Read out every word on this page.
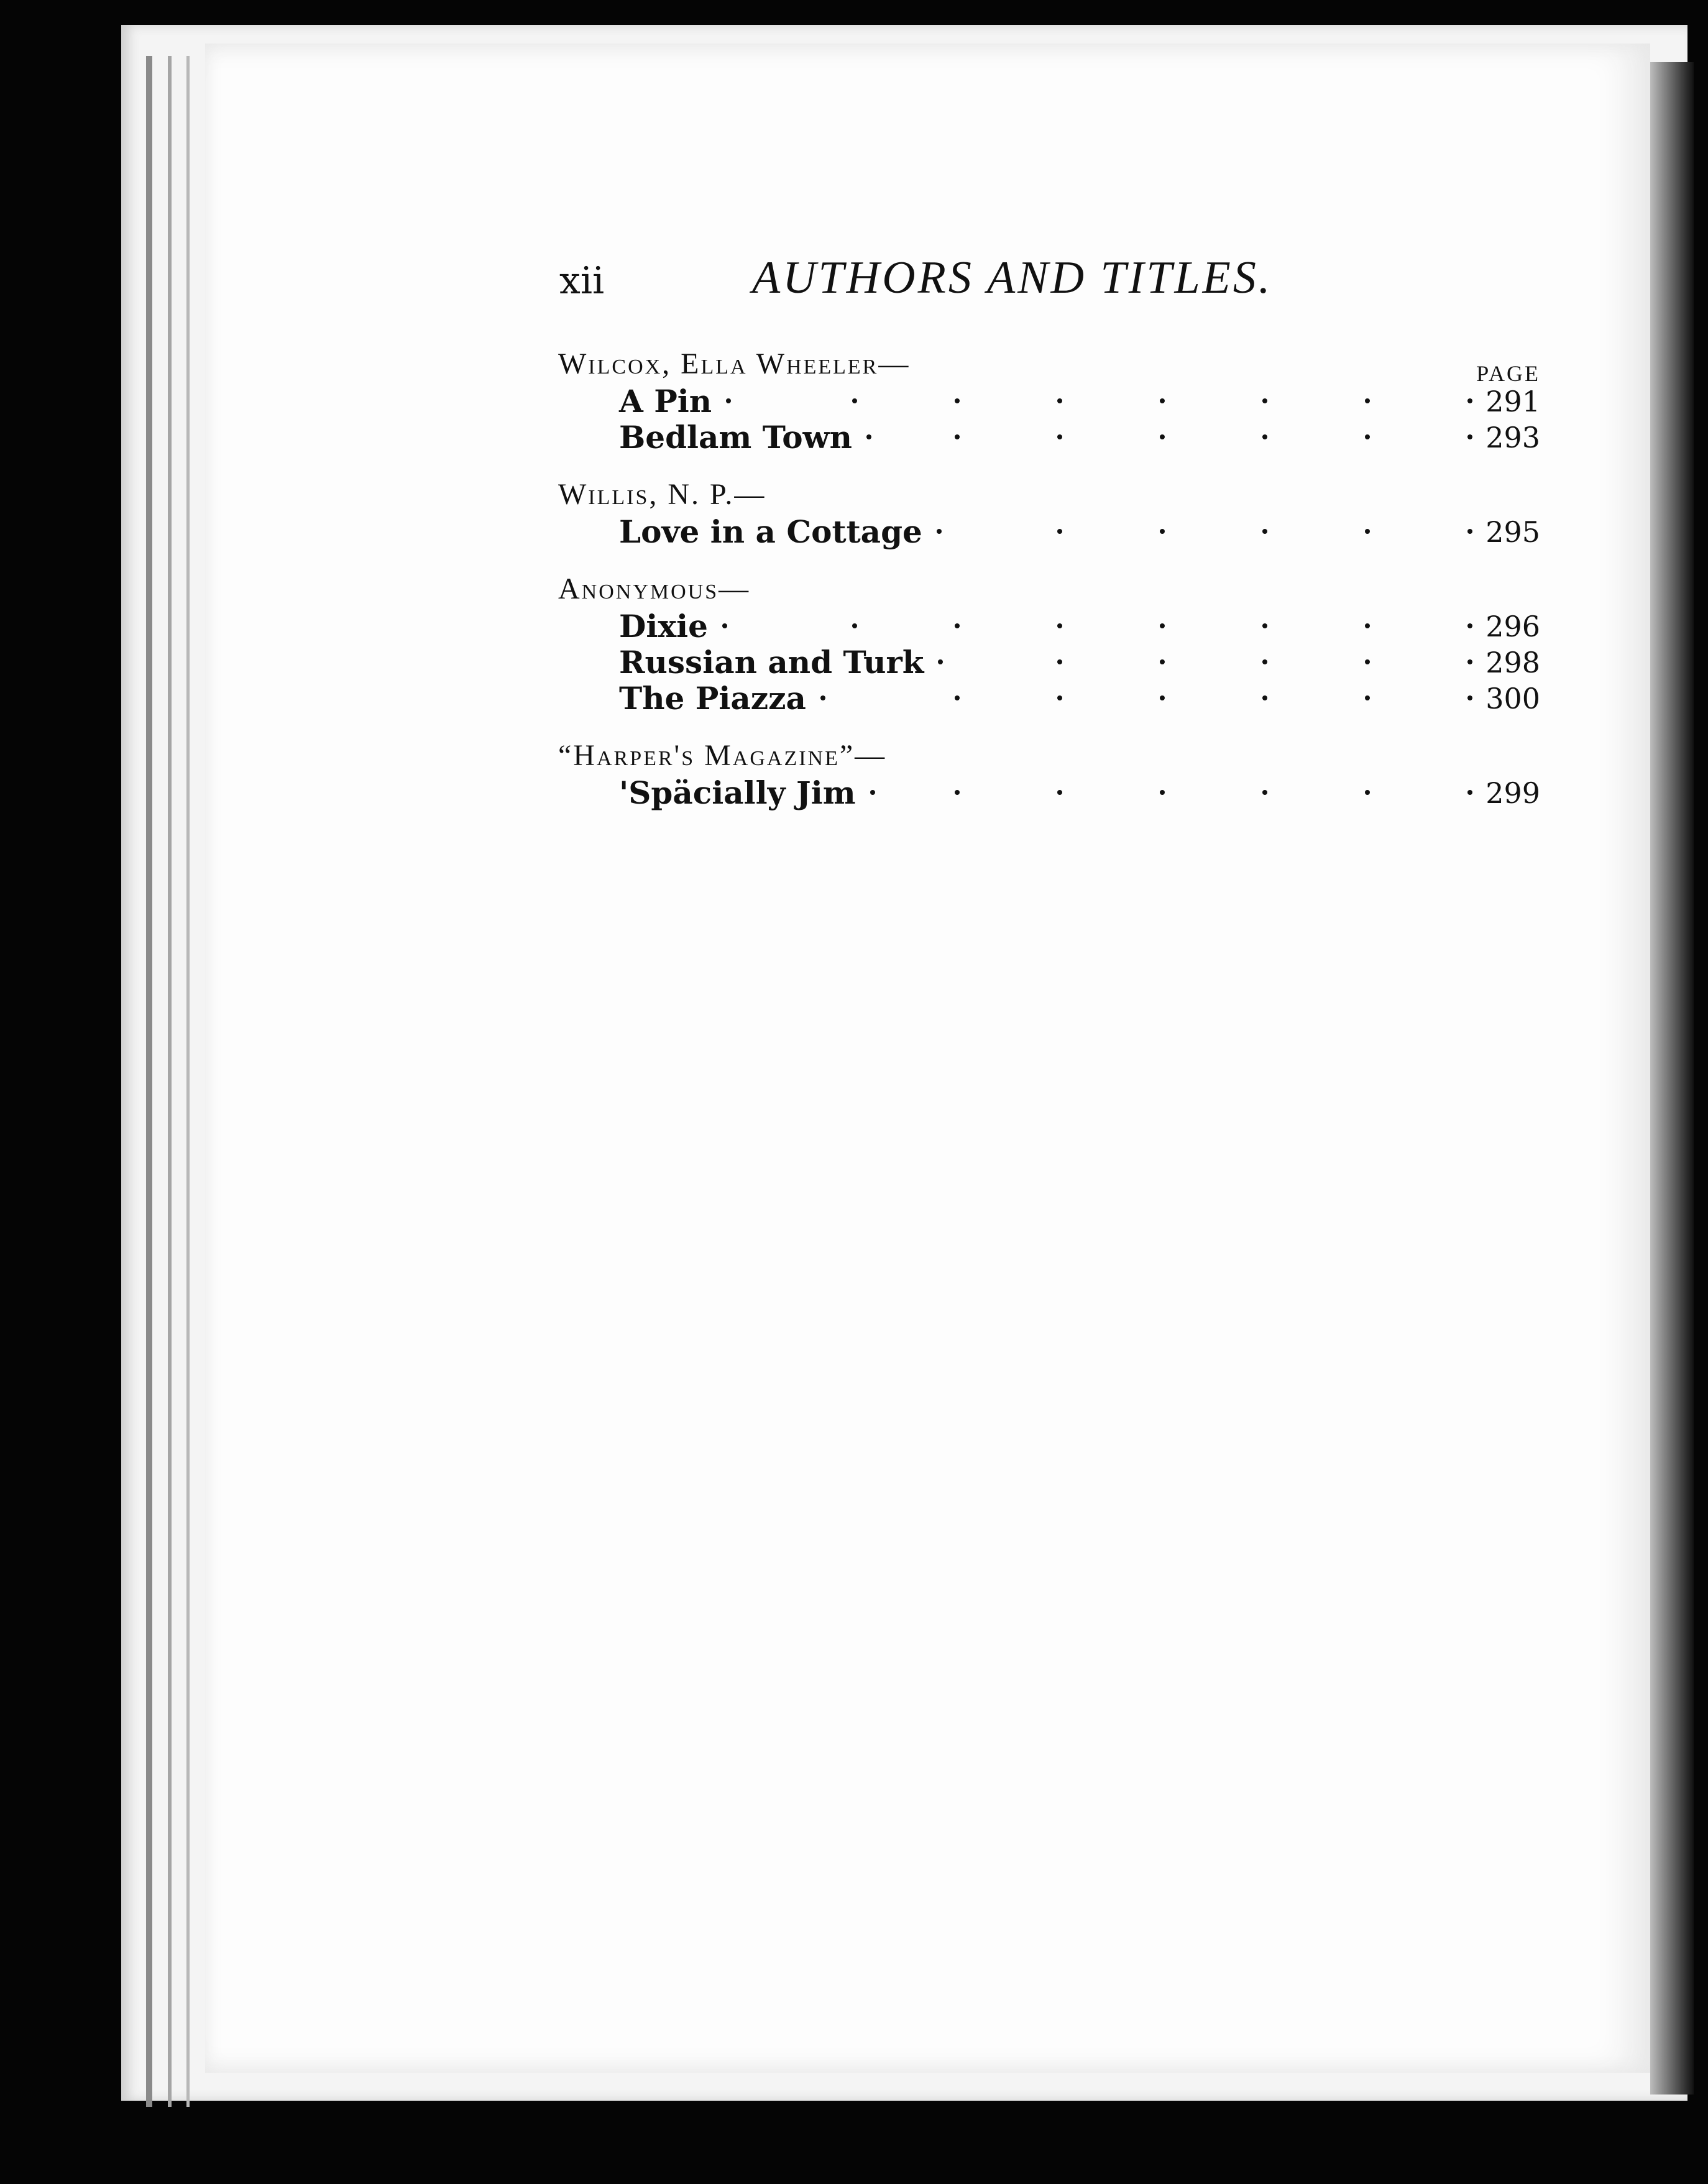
xii	AUTHORS AND TITLES.
PAGE
Wilcox, Ella Wheeler—
A Pin	291
Bedlam Town	293
Willis, N. P.—
Love in a Cottage	295
Anonymous—
Dixie	296
Russian and Turk	298
The Piazza	300
“Harper's Magazine”—
'Späcially Jim	299
